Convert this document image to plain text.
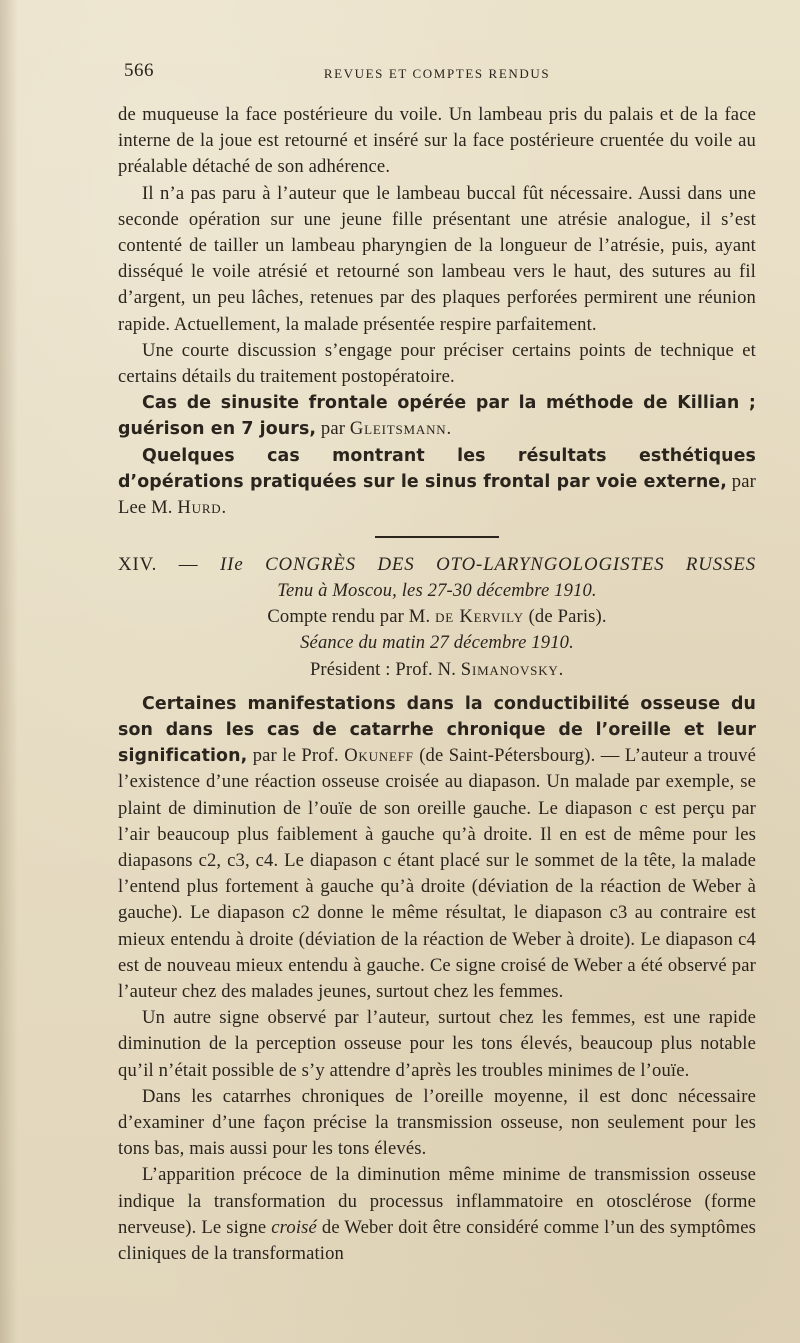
566	REVUES ET COMPTES RENDUS

de muqueuse la face postérieure du voile. Un lambeau pris du palais et de la face interne de la joue est retourné et inséré sur la face postérieure cruentée du voile au préalable détaché de son adhérence.

Il n’a pas paru à l’auteur que le lambeau buccal fût nécessaire. Aussi dans une seconde opération sur une jeune fille présentant une atrésie analogue, il s’est contenté de tailler un lambeau pharyngien de la longueur de l’atrésie, puis, ayant disséqué le voile atrésié et retourné son lambeau vers le haut, des sutures au fil d’argent, un peu lâches, retenues par des plaques perforées permirent une réunion rapide. Actuellement, la malade présentée respire parfaitement.

Une courte discussion s’engage pour préciser certains points de technique et certains détails du traitement postopératoire.

Cas de sinusite frontale opérée par la méthode de Killian ; guérison en 7 jours, par Gleitsmann.

Quelques cas montrant les résultats esthétiques d’opérations pratiquées sur le sinus frontal par voie externe, par Lee M. Hurd.

XIV. — IIe CONGRÈS DES OTO-LARYNGOLOGISTES RUSSES

Tenu à Moscou, les 27-30 décembre 1910.

Compte rendu par M. de Kervily (de Paris).

Séance du matin 27 décembre 1910.

Président : Prof. N. Simanovsky.

Certaines manifestations dans la conductibilité osseuse du son dans les cas de catarrhe chronique de l’oreille et leur signification, par le Prof. Okuneff (de Saint-Pétersbourg). — L’auteur a trouvé l’existence d’une réaction osseuse croisée au diapason. Un malade par exemple, se plaint de diminution de l’ouïe de son oreille gauche. Le diapason c est perçu par l’air beaucoup plus faiblement à gauche qu’à droite. Il en est de même pour les diapasons c2, c3, c4. Le diapason c étant placé sur le sommet de la tête, la malade l’entend plus fortement à gauche qu’à droite (déviation de la réaction de Weber à gauche). Le diapason c2 donne le même résultat, le diapason c3 au contraire est mieux entendu à droite (déviation de la réaction de Weber à droite). Le diapason c4 est de nouveau mieux entendu à gauche. Ce signe croisé de Weber a été observé par l’auteur chez des malades jeunes, surtout chez les femmes.

Un autre signe observé par l’auteur, surtout chez les femmes, est une rapide diminution de la perception osseuse pour les tons élevés, beaucoup plus notable qu’il n’était possible de s’y attendre d’après les troubles minimes de l’ouïe.

Dans les catarrhes chroniques de l’oreille moyenne, il est donc nécessaire d’examiner d’une façon précise la transmission osseuse, non seulement pour les tons bas, mais aussi pour les tons élevés.

L’apparition précoce de la diminution même minime de transmission osseuse indique la transformation du processus inflammatoire en otosclérose (forme nerveuse). Le signe croisé de Weber doit être considéré comme l’un des symptômes cliniques de la transformation
